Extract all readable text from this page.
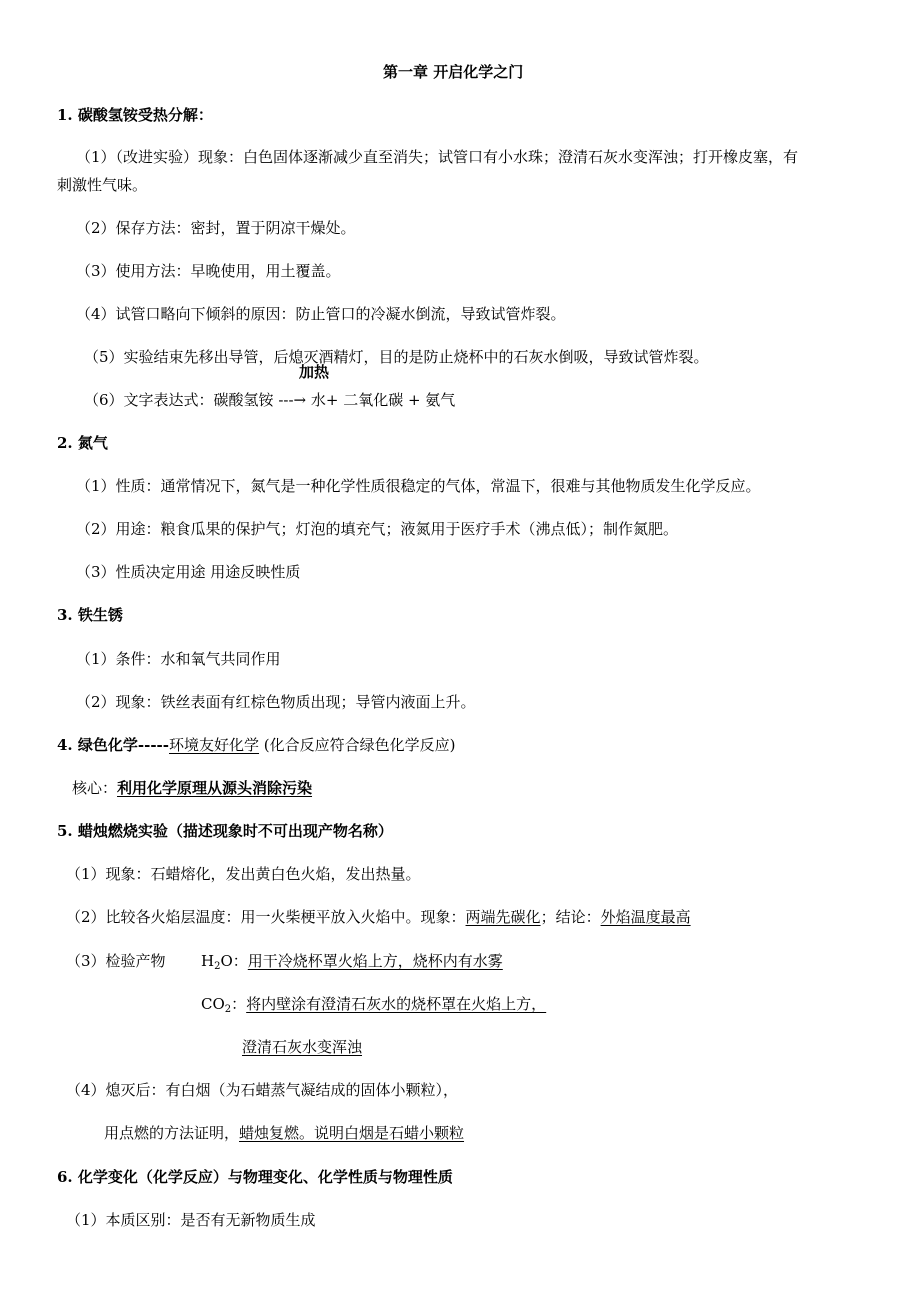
第一章 开启化学之门
1. 碳酸氢铵受热分解：
（1）（改进实验）现象：白色固体逐渐减少直至消失；试管口有小水珠；澄清石灰水变浑浊；打开橡皮塞，有
刺激性气味。
（2）保存方法：密封，置于阴凉干燥处。
（3）使用方法：早晚使用，用土覆盖。
（4）试管口略向下倾斜的原因：防止管口的冷凝水倒流，导致试管炸裂。
（5）实验结束先移出导管，后熄灭酒精灯，目的是防止烧杯中的石灰水倒吸，导致试管炸裂。
加热
（6）文字表达式：碳酸氢铵 ---→ 水+ 二氧化碳 + 氨气
2. 氮气
（1）性质：通常情况下，氮气是一种化学性质很稳定的气体，常温下，很难与其他物质发生化学反应。
（2）用途：粮食瓜果的保护气；灯泡的填充气；液氮用于医疗手术（沸点低）；制作氮肥。
（3）性质决定用途 用途反映性质
3. 铁生锈
（1）条件：水和氧气共同作用
（2）现象：铁丝表面有红棕色物质出现；导管内液面上升。
4. 绿色化学-----环境友好化学 (化合反应符合绿色化学反应)
核心：利用化学原理从源头消除污染
5. 蜡烛燃烧实验（描述现象时不可出现产物名称）
（1）现象：石蜡熔化，发出黄白色火焰，发出热量。
（2）比较各火焰层温度：用一火柴梗平放入火焰中。现象：两端先碳化；结论：外焰温度最高
（3）检验产物 $H_2O$：用干冷烧杯罩火焰上方，烧杯内有水雾
$CO_2$：将内壁涂有澄清石灰水的烧杯罩在火焰上方，
澄清石灰水变浑浊
（4）熄灭后：有白烟（为石蜡蒸气凝结成的固体小颗粒），
用点燃的方法证明，蜡烛复燃。说明白烟是石蜡小颗粒
6. 化学变化（化学反应）与物理变化、化学性质与物理性质
（1）本质区别：是否有无新物质生成
